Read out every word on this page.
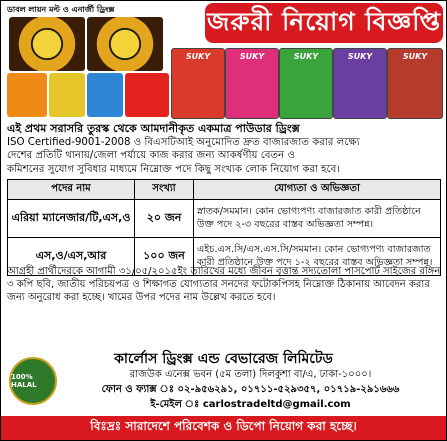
ডাবল লায়ন মল্ট ও এনার্জী ড্রিংক্স	জরুরী নিয়োগ বিজ্ঞপ্তি
SUKY	SUKY	SUKY	SUKY	SUKY
এই প্রথম সরাসরি তুরস্ক থেকে আমদানীকৃত একমাত্র পাউডার ড্রিংক্স
ISO Certified-9001-2008 ও বিএসটিআই অনুমোদিত দ্রুত বাজারজাত করার লক্ষ্যে
দেশের প্রতিটি থানায়/জেলা পর্যায়ে কাজ করার জন্য আকর্ষণীয় বেতন ও
কমিশনের সুযোগ সুবিধার মাধ্যমে নিম্নোক্ত পদে কিছু সংখ্যক লোক নিয়োগ করা হবে।
পদের নাম	সংখ্যা	যোগ্যতা ও অভিজ্ঞতা
এরিয়া ম্যানেজার/টি,এস,ও	২০ জন	স্নাতক/সমমান। কোন ভোগ্যপণ্য বাজারজাত কারী প্রতিষ্ঠানে উক্ত পদে ২-৩ বছরের বাস্তব অভিজ্ঞতা সম্পন্ন।
এস,ও/এস,আর	১০০ জন	এইচ.এস.সি/এস.এস.সি/সমমান। কোন ভোগ্যপণ্য বাজারজাত কারী প্রতিষ্ঠানে উক্ত পদে ১-২ বছরের বাস্তব অভিজ্ঞতা সম্পন্ন।
আগ্রহী প্রার্থীদেরকে আগামী ৩১/০৫/২০১৫ইং তারিখের মধ্যে জীবন বৃত্তান্ত সদ্যতোলা পাসপোর্ট সাইজের রঙ্গিন ৩ কপি ছবি, জাতীয় পরিচয়পত্র ও শিক্ষাগত যোগ্যতার সনদের ফটোকপিসহ নিম্নোক্ত ঠিকানায় আবেদন করার জন্য অনুরোধ করা হচ্ছে। খামের উপর পদের নাম উল্লেখ করতে হবে।
100% HALAL
কার্লোস ড্রিংক্স এন্ড বেভারেজ লিমিটেড
রাজউক এনেক্স ভবন (৫ম তলা) দিলকুশা বা/এ, ঢাকা-১০০০।
ফোন ও ফ্যাক্স ঃ ০২-৯৫৬২৯১, ০১৭১১-৫২৯৩৫৭, ০১৭১৯-২৯১৬৬৬
ই-মেইল ঃ carlostradeltd@gmail.com
বিঃদ্রঃ সারাদেশে পরিবেশক ও ডিপো নিয়োগ করা হচ্ছে।
